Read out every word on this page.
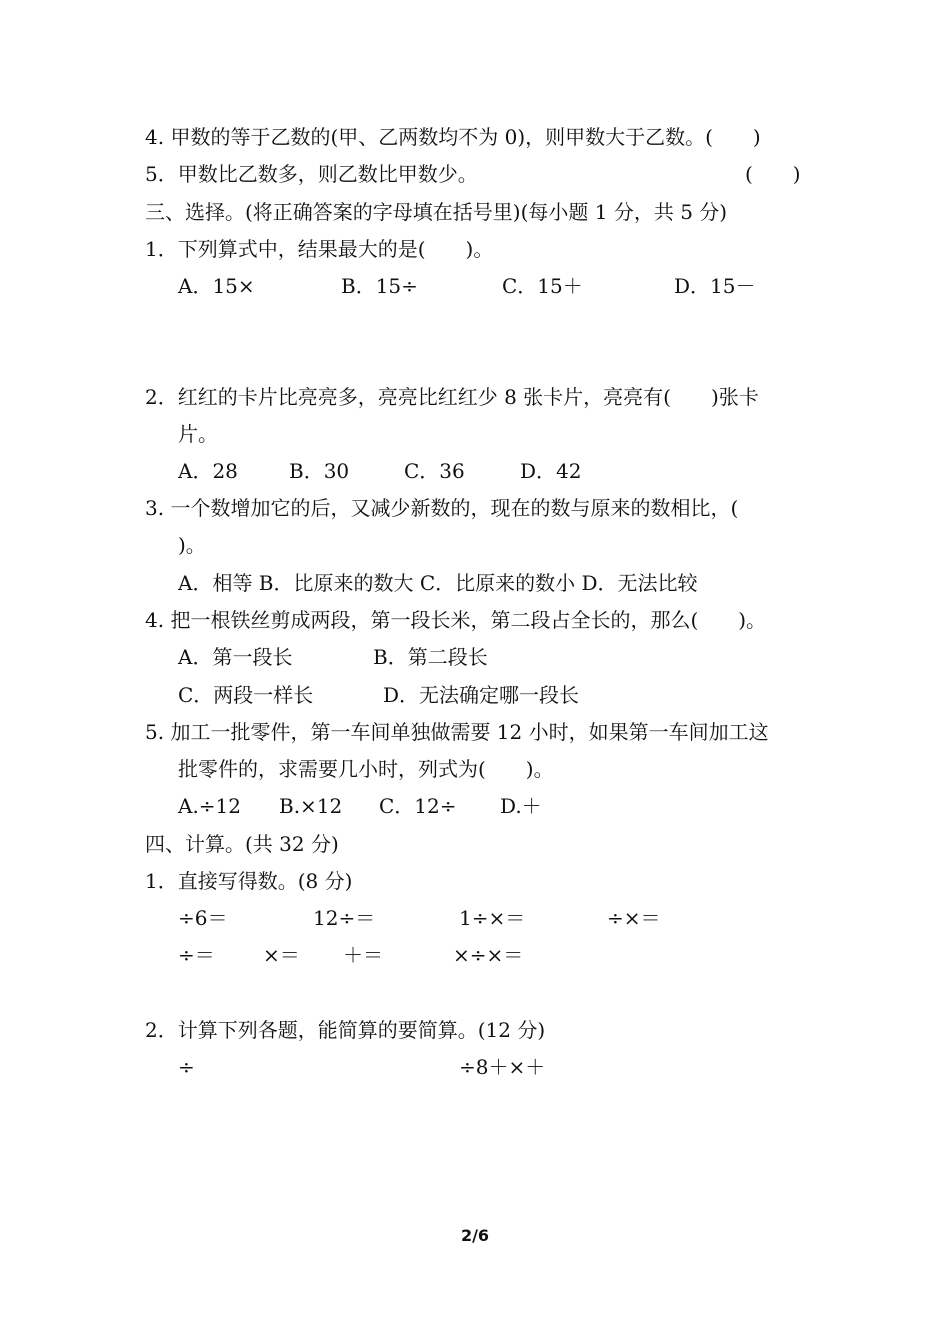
4. 甲数的等于乙数的(甲、乙两数均不为 0)，则甲数大于乙数。(　　)

5．甲数比乙数多，则乙数比甲数少。	(　　)

三、选择。(将正确答案的字母填在括号里)(每小题 1 分，共 5 分)

1．下列算式中，结果最大的是(　　)。

A．15×	B．15÷	C．15＋	D．15－

2．红红的卡片比亮亮多，亮亮比红红少 8 张卡片，亮亮有(　　)张卡

片。

A．28	B．30	C．36	D．42

3. 一个数增加它的后，又减少新数的，现在的数与原来的数相比，(

)。

A．相等 B．比原来的数大 C．比原来的数小 D．无法比较

4. 把一根铁丝剪成两段，第一段长米，第二段占全长的，那么(　　)。

A．第一段长	B．第二段长
C．两段一样长	D．无法确定哪一段长

5. 加工一批零件，第一车间单独做需要 12 小时，如果第一车间加工这

批零件的，求需要几小时，列式为(　　)。

A.÷12 B.×12 C．12÷ D.＋

四、计算。(共 32 分)

1．直接写得数。(8 分)

÷6＝	12÷＝	1÷×＝	÷×＝
÷＝ ×＝ ＋＝	×÷×＝

2．计算下列各题，能简算的要简算。(12 分)

÷	÷8＋×＋
2/6
